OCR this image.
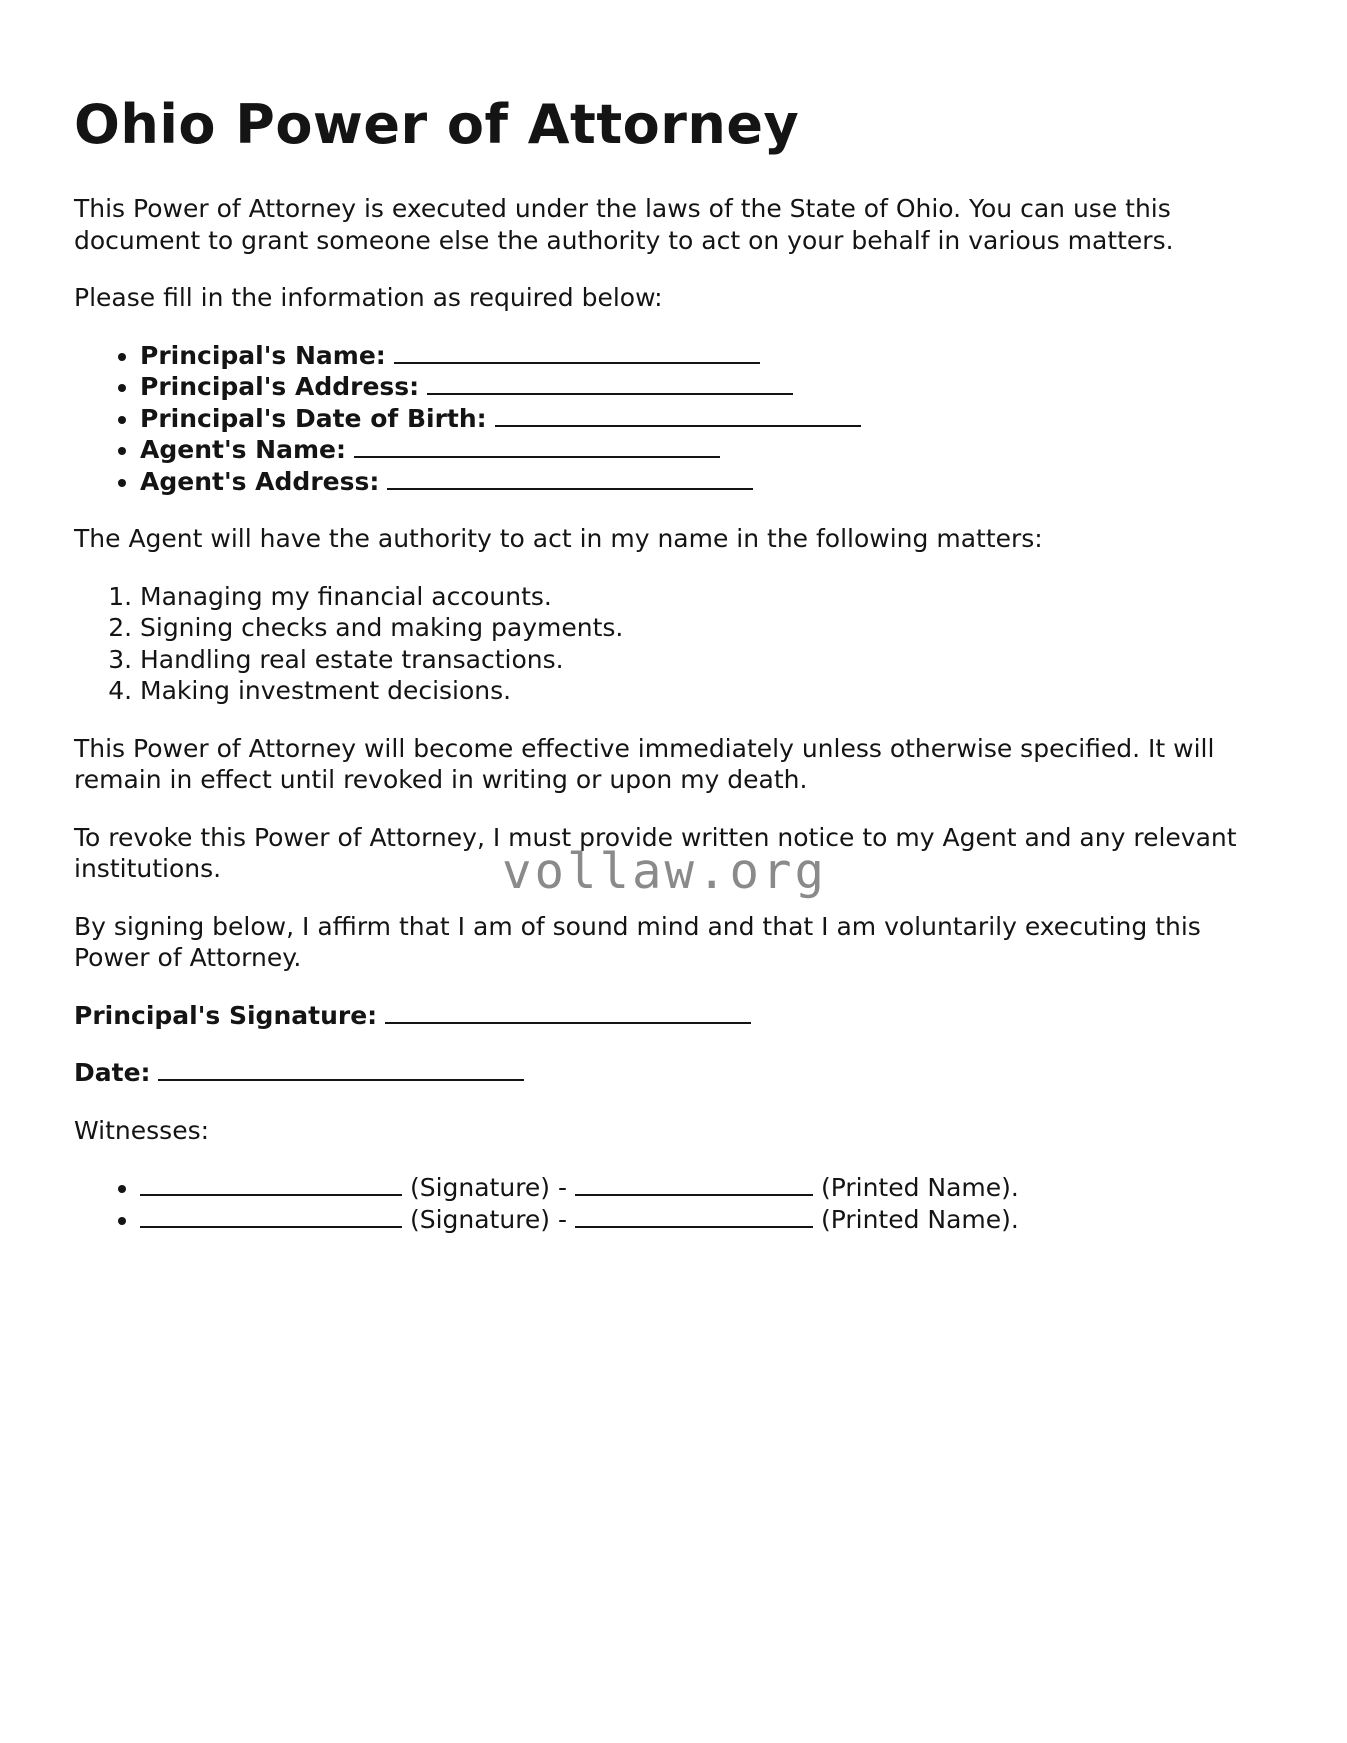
Ohio Power of Attorney

This Power of Attorney is executed under the laws of the State of Ohio. You can use this document to grant someone else the authority to act on your behalf in various matters.

Please fill in the information as required below:

• Principal's Name:
• Principal's Address:
• Principal's Date of Birth:
• Agent's Name:
• Agent's Address:

The Agent will have the authority to act in my name in the following matters:

1. Managing my financial accounts.
2. Signing checks and making payments.
3. Handling real estate transactions.
4. Making investment decisions.

This Power of Attorney will become effective immediately unless otherwise specified. It will remain in effect until revoked in writing or upon my death.

To revoke this Power of Attorney, I must provide written notice to my Agent and any relevant institutions.

By signing below, I affirm that I am of sound mind and that I am voluntarily executing this Power of Attorney.

Principal's Signature:

Date:

Witnesses:

• (Signature) -	(Printed Name).
• (Signature) -	(Printed Name).
vollaw.org
